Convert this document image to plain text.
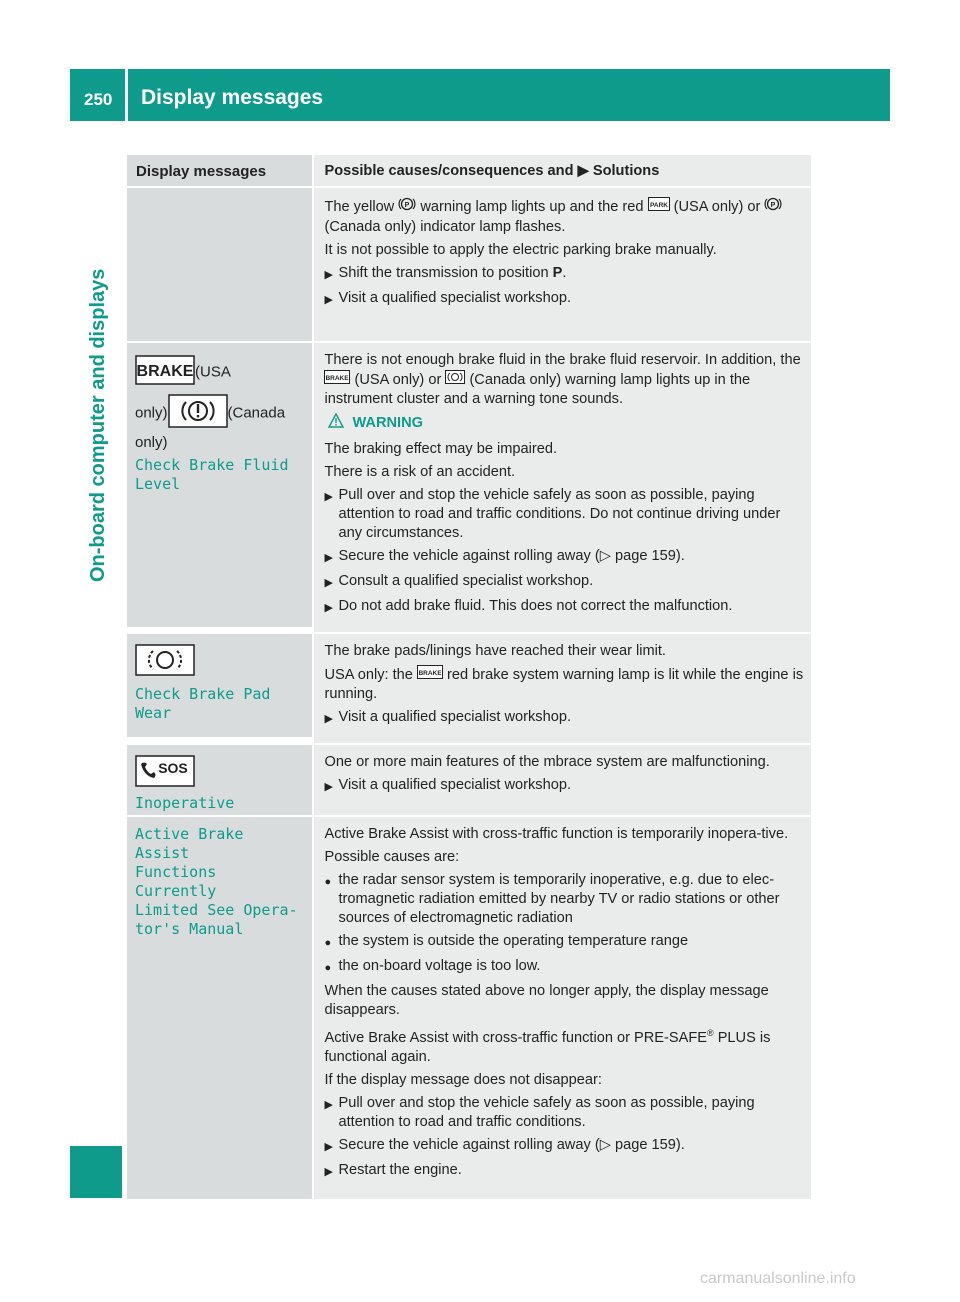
250 Display messages
On-board computer and displays
Display messages	Possible causes/consequences and ▶ Solutions

The yellow P warning lamp lights up and the red PARK (USA only) or P
(Canada only) indicator lamp flashes.

It is not possible to apply the electric parking brake manually.

▶ Shift the transmission to position P.
▶ Visit a qualified specialist workshop.
BRAKE (USA
only)	(Canada
only)
Check Brake Fluid
Level

There is not enough brake fluid in the brake fluid reservoir. In addition, the
BRAKE (USA only) or (Canada only) warning lamp lights up in the instrument cluster and a warning tone sounds.

WARNING

The braking effect may be impaired.

There is a risk of an accident.

▶ Pull over and stop the vehicle safely as soon as possible, paying attention to road and traffic conditions. Do not continue driving under any circumstances.
▶ Secure the vehicle against rolling away (▷ page 159).
▶ Consult a qualified specialist workshop.
▶ Do not add brake fluid. This does not correct the malfunction.
Check Brake Pad Wear

The brake pads/linings have reached their wear limit.

USA only: the BRAKE red brake system warning lamp is lit while the engine is running.

▶ Visit a qualified specialist workshop.
SOS
Inoperative

One or more main features of the mbrace system are malfunctioning.

▶ Visit a qualified specialist workshop.
Active Brake Assist
Functions Currently
Limited See Opera‐
tor's Manual

Active Brake Assist with cross-traffic function is temporarily inopera-tive.

Possible causes are:

● the radar sensor system is temporarily inoperative, e.g. due to elec-tromagnetic radiation emitted by nearby TV or radio stations or other sources of electromagnetic radiation
● the system is outside the operating temperature range
● the on-board voltage is too low.

When the causes stated above no longer apply, the display message disappears.

Active Brake Assist with cross-traffic function or PRE-SAFE® PLUS is functional again.

If the display message does not disappear:

▶ Pull over and stop the vehicle safely as soon as possible, paying attention to road and traffic conditions.
▶ Secure the vehicle against rolling away (▷ page 159).
▶ Restart the engine.
carmanualsonline.info
